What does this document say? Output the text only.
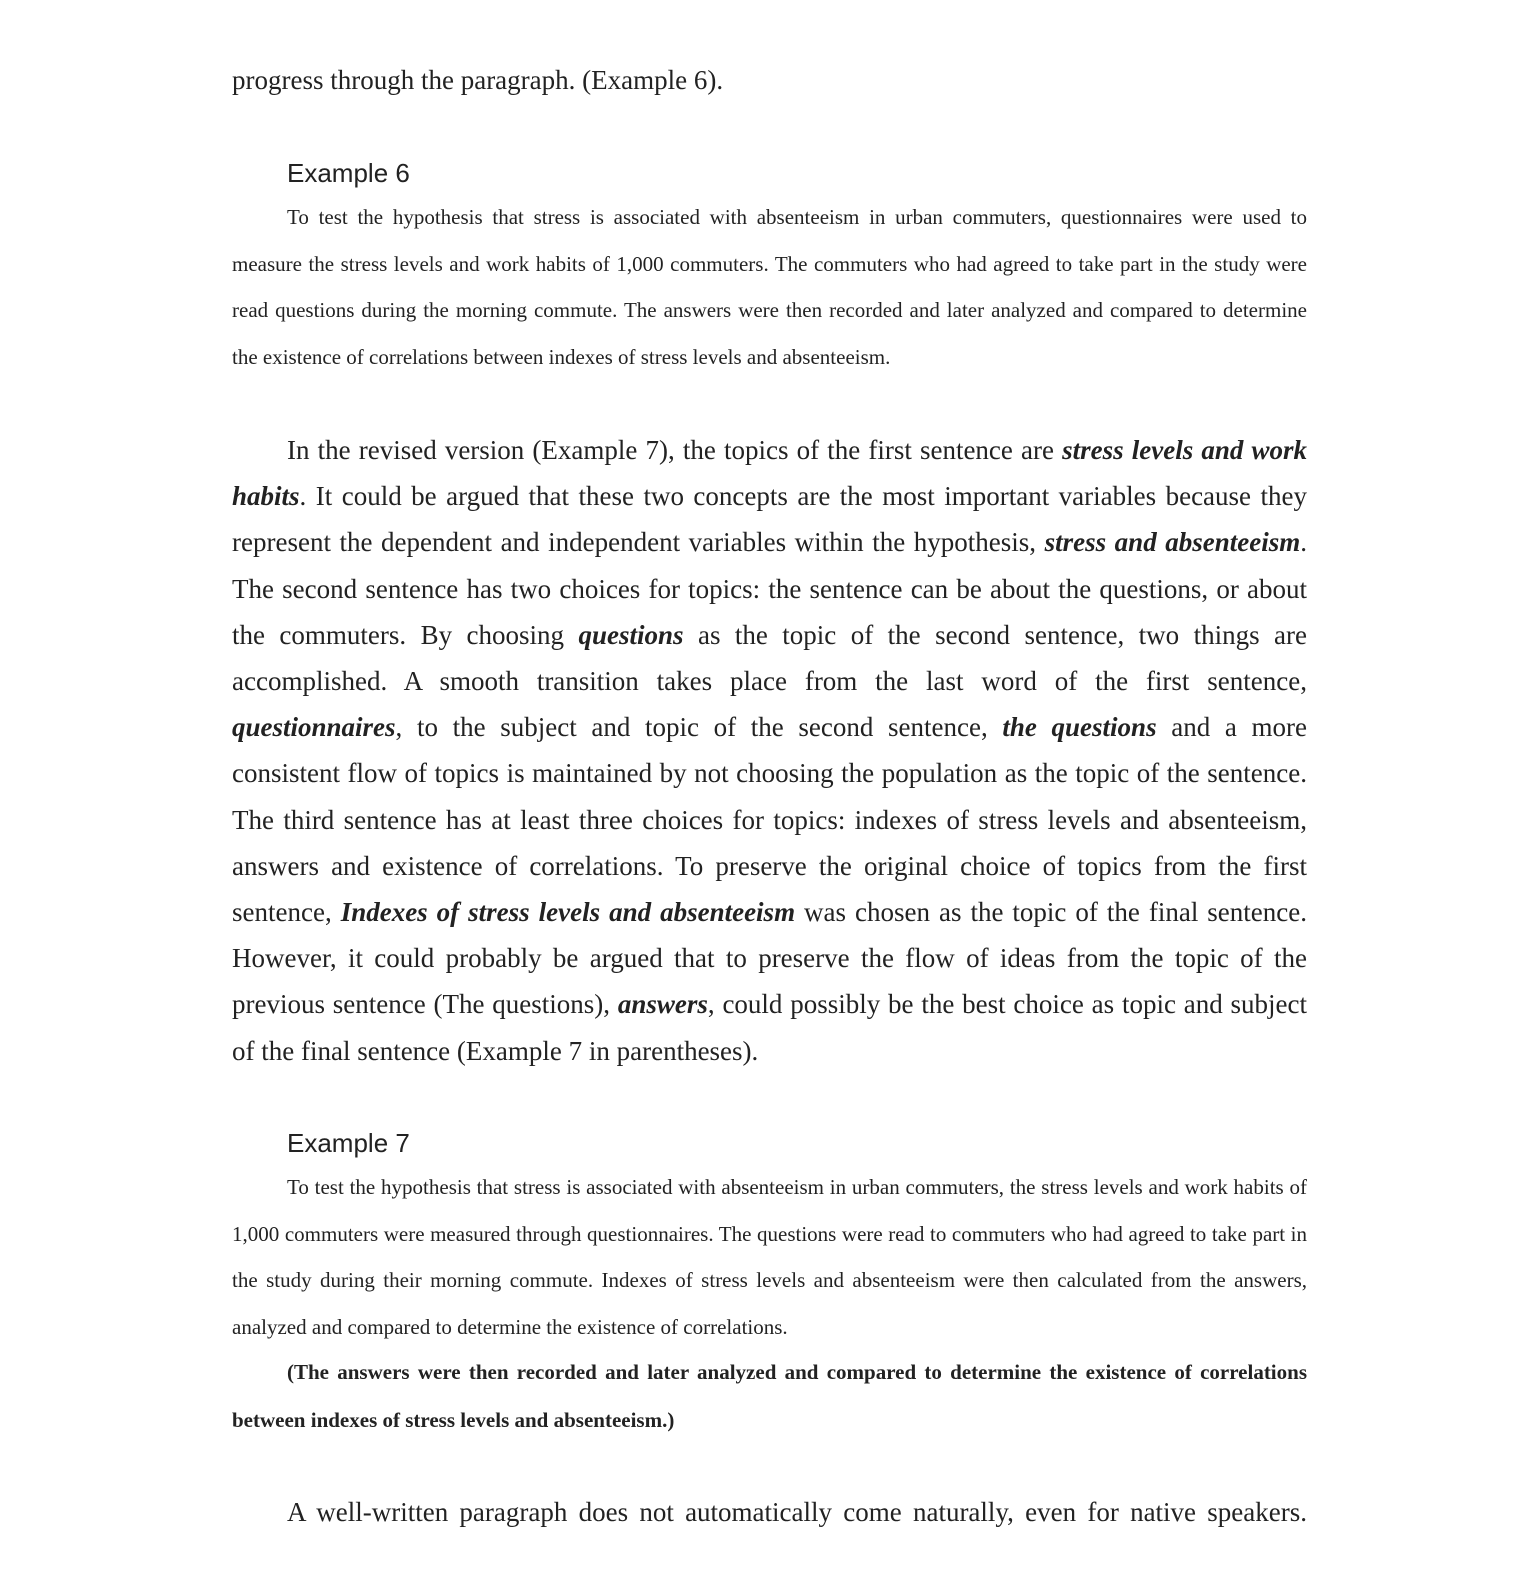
progress through the paragraph. (Example 6).
Example 6

To test the hypothesis that stress is associated with absenteeism in urban commuters, questionnaires were used to measure the stress levels and work habits of 1,000 commuters. The commuters who had agreed to take part in the study were read questions during the morning commute. The answers were then recorded and later analyzed and compared to determine the existence of correlations between indexes of stress levels and absenteeism.

In the revised version (Example 7), the topics of the first sentence are stress levels and work habits. It could be argued that these two concepts are the most important variables because they represent the dependent and independent variables within the hypothesis, stress and absenteeism. The second sentence has two choices for topics: the sentence can be about the questions, or about the commuters. By choosing questions as the topic of the second sentence, two things are accomplished. A smooth transition takes place from the last word of the first sentence, questionnaires, to the subject and topic of the second sentence, the questions and a more consistent flow of topics is maintained by not choosing the population as the topic of the sentence. The third sentence has at least three choices for topics: indexes of stress levels and absenteeism, answers and existence of correlations. To preserve the original choice of topics from the first sentence, Indexes of stress levels and absenteeism was chosen as the topic of the final sentence. However, it could probably be argued that to preserve the flow of ideas from the topic of the previous sentence (The questions), answers, could possibly be the best choice as topic and subject of the final sentence (Example 7 in parentheses).

Example 7

To test the hypothesis that stress is associated with absenteeism in urban commuters, the stress levels and work habits of 1,000 commuters were measured through questionnaires. The questions were read to commuters who had agreed to take part in the study during their morning commute. Indexes of stress levels and absenteeism were then calculated from the answers, analyzed and compared to determine the existence of correlations.

(The answers were then recorded and later analyzed and compared to determine the existence of correlations between indexes of stress levels and absenteeism.)

A well-written paragraph does not automatically come naturally, even for native speakers.
